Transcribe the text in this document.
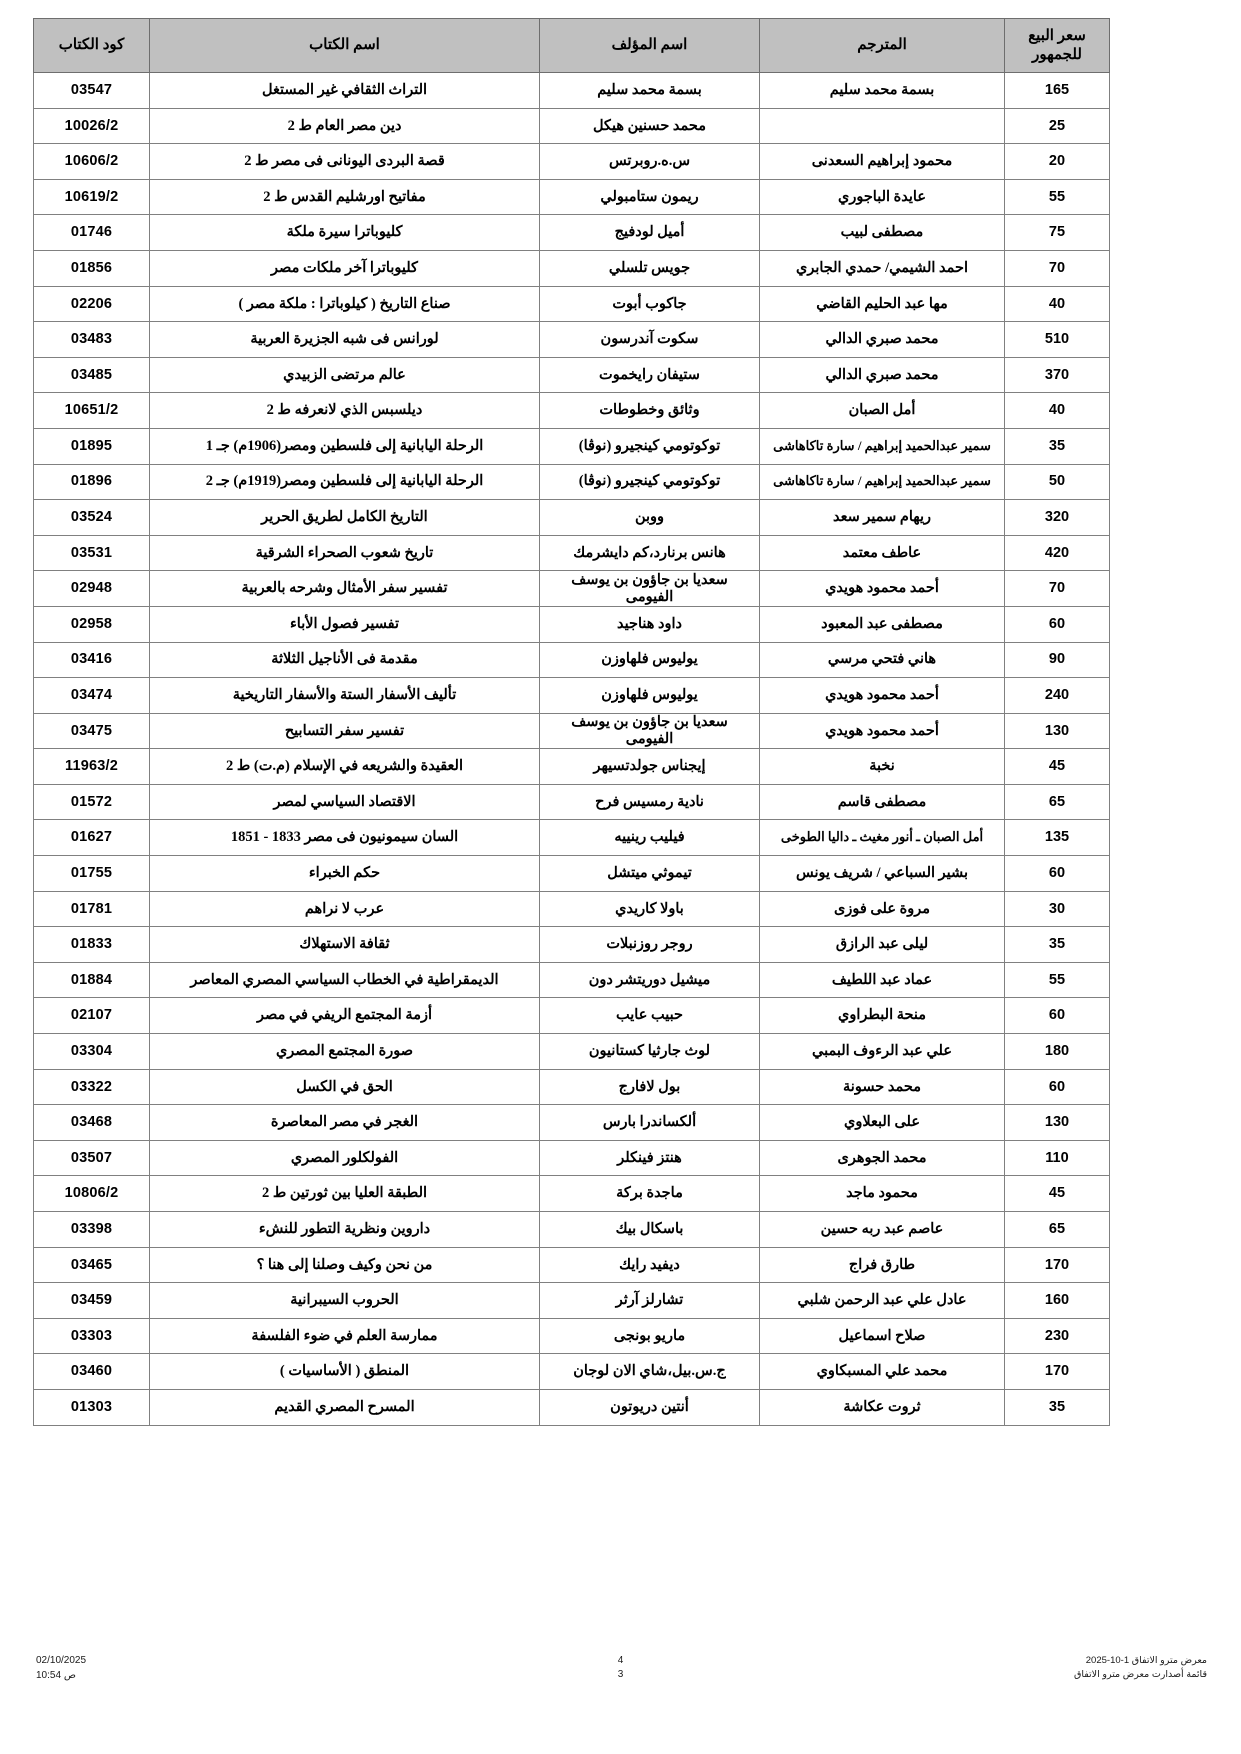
سعر البيع
للجمهور	المترجم	اسم المؤلف	اسم الكتاب	كود الكتاب
165	بسمة محمد سليم	بسمة محمد سليم	التراث الثقافي غير المستغل	03547
25		محمد حسنين هيكل	دين مصر العام ط 2	10026/2
20	محمود إبراهيم السعدنى	س.ه.روبرتس	قصة البردى اليونانى فى مصر ط 2	10606/2
55	عايدة الباجوري	ريمون ستامبولي	مفاتيح اورشليم القدس ط 2	10619/2
75	مصطفى لبيب	أميل لودفيج	كليوباترا سيرة ملكة	01746
70	احمد الشيمي/ حمدي الجابري	جويس تلسلي	كليوباترا آخر ملكات مصر	01856
40	مها عبد الحليم القاضي	جاكوب أبوت	صناع التاريخ ( كيلوباترا : ملكة مصر )	02206
510	محمد صبري الدالي	سكوت آندرسون	لورانس فى شبه الجزيرة العربية	03483
370	محمد صبري الدالي	ستيفان رايخموت	عالم مرتضى الزبيدي	03485
40	أمل الصبان	وثائق وخطوطات	ديلسبس الذي لانعرفه ط 2	10651/2
35	سمير عبدالحميد إبراهيم / سارة تاكاهاشى	توكوتومي كينجيرو (نوڤا)	الرحلة اليابانية إلى فلسطين ومصر(1906م) جـ 1	01895
50	سمير عبدالحميد إبراهيم / سارة تاكاهاشى	توكوتومي كينجيرو (نوڤا)	الرحلة اليابانية إلى فلسطين ومصر(1919م) جـ 2	01896
320	ريهام سمير سعد	ووبن	التاريخ الكامل لطريق الحرير	03524
420	عاطف معتمد	هانس برنارد،كم دايشرمك	تاريخ شعوب الصحراء الشرقية	03531
70	أحمد محمود هويدي	سعديا بن جاؤون بن يوسف الفيومى	تفسير سفر الأمثال وشرحه بالعربية	02948
60	مصطفى عبد المعبود	داود هناجيد	تفسير فصول الأباء	02958
90	هاني فتحي مرسي	يوليوس فلهاوزن	مقدمة فى الأناجيل الثلاثة	03416
240	أحمد محمود هويدي	يوليوس فلهاوزن	تأليف الأسفار الستة والأسفار التاريخية	03474
130	أحمد محمود هويدي	سعديا بن جاؤون بن يوسف الفيومى	تفسير سفر التسابيح	03475
45	نخبة	إيجناس جولدتسيهر	العقيدة والشريعه في الإسلام (م.ت) ط 2	11963/2
65	مصطفى قاسم	نادية رمسيس فرح	الاقتصاد السياسي لمصر	01572
135	أمل الصبان ـ أنور مغيث ـ داليا الطوخى	فيليب رينييه	السان سيمونيون فى مصر 1833 - 1851	01627
60	بشير السباعي / شريف يونس	تيموثي ميتشل	حكم الخبراء	01755
30	مروة على فوزى	باولا كاريدي	عرب لا نراهم	01781
35	ليلى عبد الرازق	روجر روزنبلات	ثقافة الاستهلاك	01833
55	عماد عبد اللطيف	ميشيل دوريتشر دون	الديمقراطية في الخطاب السياسي المصري المعاصر	01884
60	منحة البطراوي	حبيب عايب	أزمة المجتمع الريفي في مصر	02107
180	علي عبد الرءوف البمبي	لوث جارثيا كستانيون	صورة المجتمع المصري	03304
60	محمد حسونة	بول لافارج	الحق في الكسل	03322
130	على البعلاوي	ألكساندرا بارس	الغجر في مصر المعاصرة	03468
110	محمد الجوهرى	هنتز فينكلر	الفولكلور المصري	03507
45	محمود ماجد	ماجدة بركة	الطبقة العليا بين ثورتين ط 2	10806/2
65	عاصم عبد ربه حسين	باسكال بيك	داروين ونظرية التطور للنشء	03398
170	طارق فراج	ديفيد رايك	من نحن وكيف وصلنا إلى هنا ؟	03465
160	عادل علي عبد الرحمن شلبي	تشارلز آرثر	الحروب السيبرانية	03459
230	صلاح اسماعيل	ماريو بونجى	ممارسة العلم في ضوء الفلسفة	03303
170	محمد علي المسبكاوي	ج.س.بيل،شاي الان لوجان	المنطق ( الأساسيات )	03460
35	ثروت عكاشة	أنتين دريوتون	المسرح المصري القديم	01303
02/10/2025
10:54 ص
4
3
معرض مترو الاتفاق 1-10-2025
قائمة أصدارت معرض مترو الاتفاق
